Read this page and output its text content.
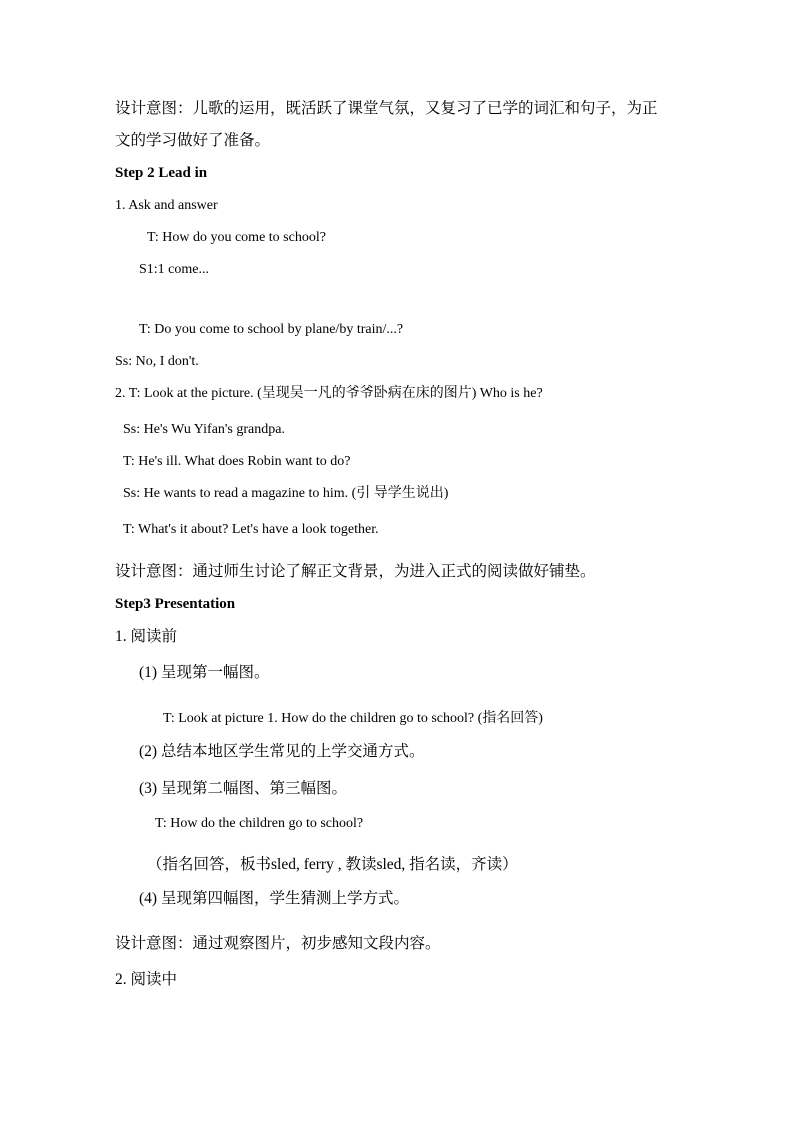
设计意图：儿歌的运用，既活跃了课堂气氛，又复习了已学的词汇和句子，为正
文的学习做好了准备。
Step 2 Lead in
1. Ask and answer
T: How do you come to school?
S1:1 come...
T: Do you come to school by plane/by train/...?
Ss: No, I don't.
2. T: Look at the picture. (呈现吴一凡的爷爷卧病在床的图片) Who is he?
Ss: He's Wu Yifan's grandpa.
T: He's ill. What does Robin want to do?
Ss: He wants to read a magazine to him. (引 导学生说出)
T: What's it about? Let's have a look together.
设计意图：通过师生讨论了解正文背景，为进入正式的阅读做好铺垫。
Step3 Presentation
1. 阅读前
(1) 呈现第一幅图。
T: Look at picture 1. How do the children go to school? (指名回答)
(2) 总结本地区学生常见的上学交通方式。
(3) 呈现第二幅图、第三幅图。
T: How do the children go to school?
（指名回答，板书sled, ferry , 教读sled, 指名读，齐读）
(4) 呈现第四幅图，学生猜测上学方式。
设计意图：通过观察图片，初步感知文段内容。
2. 阅读中
